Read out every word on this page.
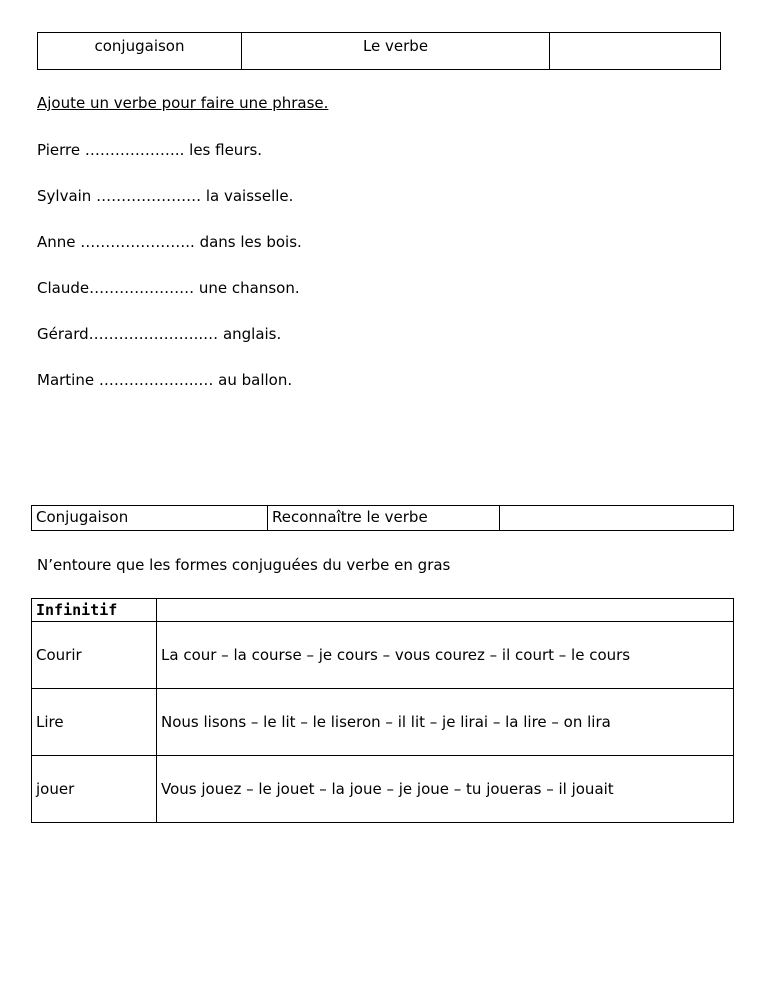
conjugaison	Le verbe	
Ajoute un verbe pour faire une phrase.
Pierre ……………….. les fleurs.
Sylvain ………………… la vaisselle.
Anne ………………….. dans les bois.
Claude………………… une chanson.
Gérard…………………..… anglais.
Martine ………………..… au ballon.
Conjugaison	Reconnaître le verbe	
N’entoure que les formes conjuguées du verbe en gras
Infinitif	
Courir	La cour – la course – je cours – vous courez – il court – le cours
Lire	Nous lisons – le lit – le liseron – il lit – je lirai – la lire – on lira
jouer	Vous jouez – le jouet – la joue – je joue – tu joueras – il jouait
